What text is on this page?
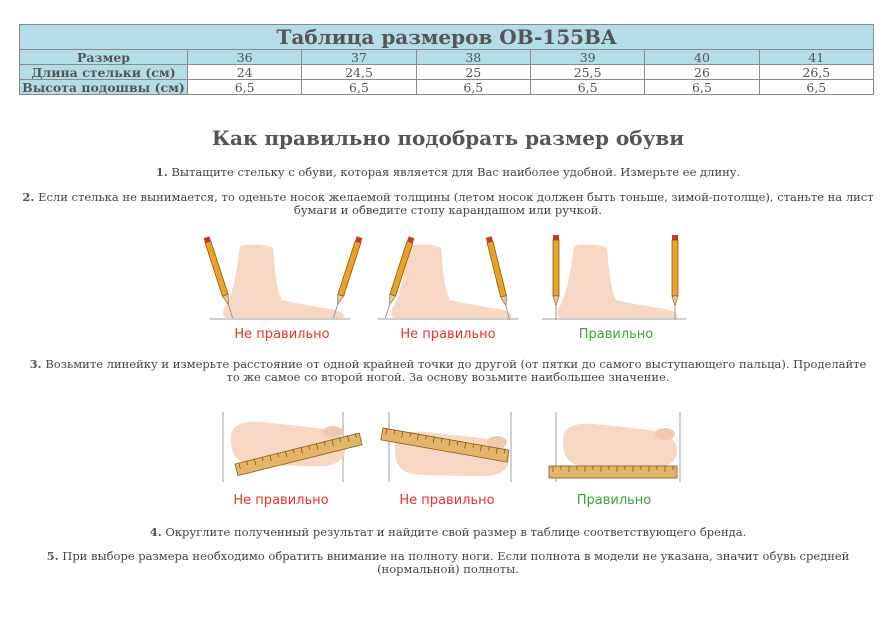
Таблица размеров OB-155BA						
Размер	36	37	38	39	40	41
Длина стельки (см)	24	24,5	25	25,5	26	26,5
Высота подошвы (см)	6,5	6,5	6,5	6,5	6,5	6,5
Как правильно подобрать размер обуви
1. Вытащите стельку с обуви, которая является для Вас наиболее удобной. Измерьте ее длину.
2. Если стелька не вынимается, то оденьте носок желаемой толщины (летом носок должен быть тоньше, зимой-потолще), станьте на лист бумаги и обведите стопу карандашом или ручкой.
Не правильно	Не правильно	Правильно
3. Возьмите линейку и измерьте расстояние от одной крайней точки до другой (от пятки до самого выступающего пальца). Проделайте то же самое со второй ногой. За основу возьмите наибольшее значение.
Не правильно	Не правильно	Правильно
4. Округлите полученный результат и найдите свой размер в таблице соответствующего бренда.
5. При выборе размера необходимо обратить внимание на полноту ноги. Если полнота в модели не указана, значит обувь средней (нормальной) полноты.
